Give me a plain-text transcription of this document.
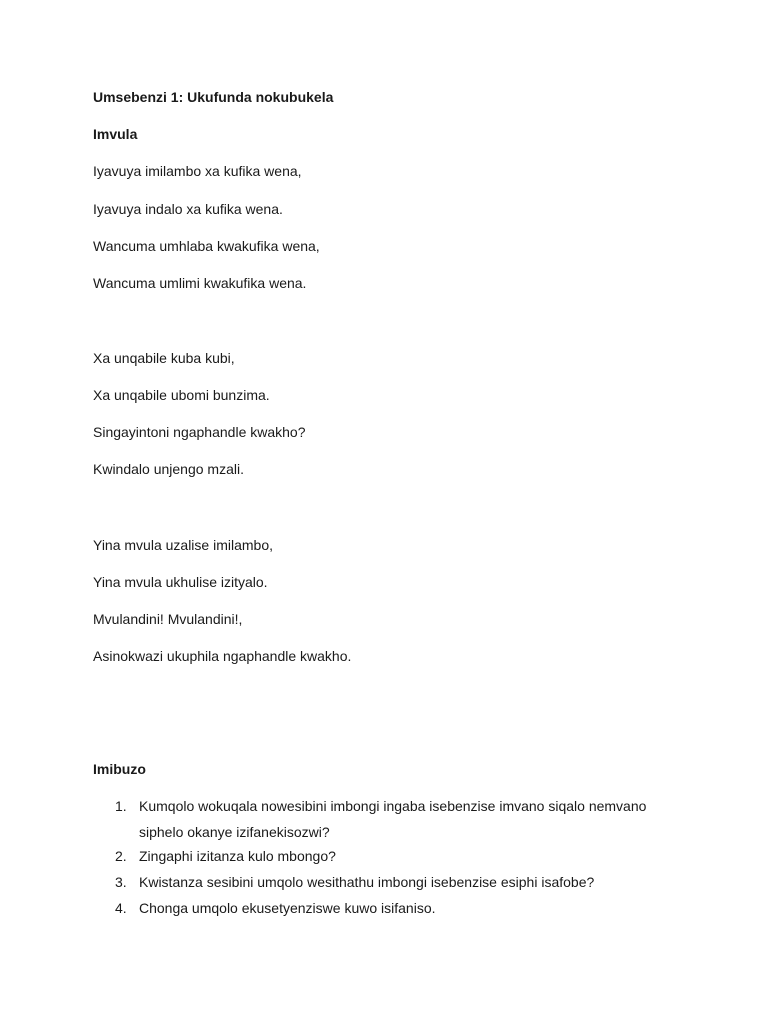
Umsebenzi 1: Ukufunda nokubukela

Imvula

Iyavuya imilambo xa kufika wena,

Iyavuya indalo xa kufika wena.

Wancuma umhlaba kwakufika wena,

Wancuma umlimi kwakufika wena.

Xa unqabile kuba kubi,

Xa unqabile ubomi bunzima.

Singayintoni ngaphandle kwakho?

Kwindalo unjengo mzali.

Yina mvula uzalise imilambo,

Yina mvula ukhulise izityalo.

Mvulandini! Mvulandini!,

Asinokwazi ukuphila ngaphandle kwakho.

Imibuzo

1. Kumqolo wokuqala nowesibini imbongi ingaba isebenzise imvano siqalo nemvano siphelo okanye izifanekisozwi?
2. Zingaphi izitanza kulo mbongo?
3. Kwistanza sesibini umqolo wesithathu imbongi isebenzise esiphi isafobe?
4. Chonga umqolo ekusetyenziswe kuwo isifaniso.
